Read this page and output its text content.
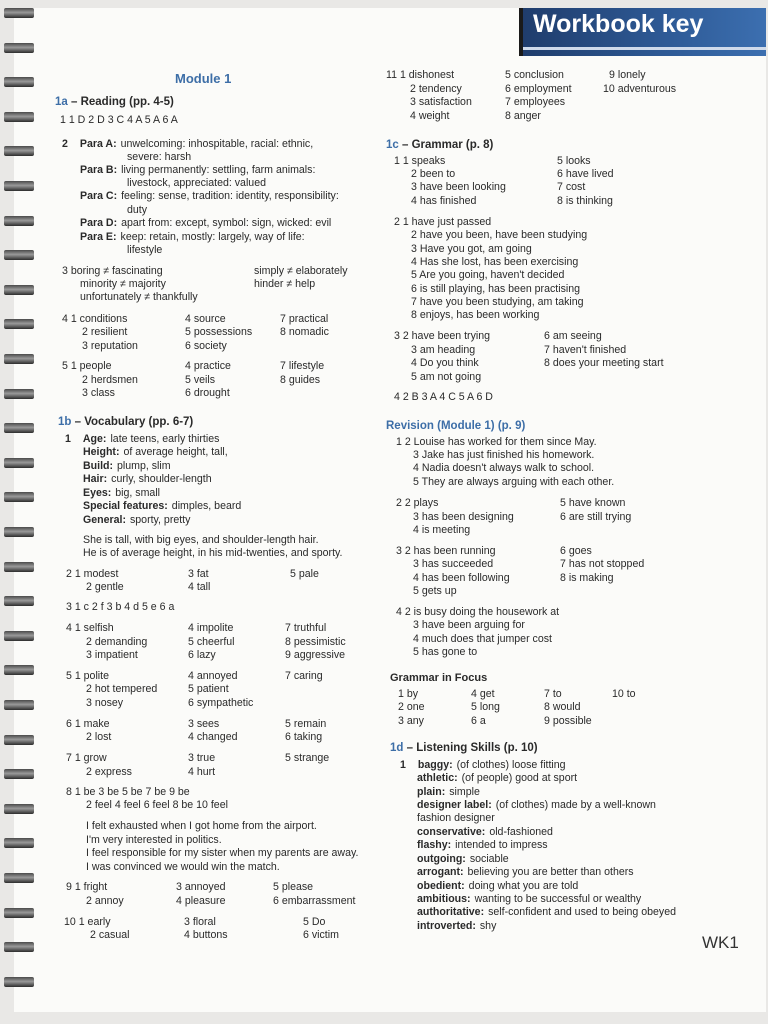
Workbook key
Module 1
1a – Reading (pp. 4-5)
1 1 D 2 D 3 C 4 A 5 A 6 A
2 Para A: unwelcoming: inhospitable, racial: ethnic,
severe: harsh
Para B: living permanently: settling, farm animals:
livestock, appreciated: valued
Para C: feeling: sense, tradition: identity, responsibility:
duty
Para D: apart from: except, symbol: sign, wicked: evil
Para E: keep: retain, mostly: largely, way of life:
lifestyle
3 boring ≠ fascinating	simply ≠ elaborately
minority ≠ majority	hinder ≠ help
unfortunately ≠ thankfully
4 1 conditions	4 source	7 practical
2 resilient	5 possessions	8 nomadic
3 reputation	6 society
5 1 people	4 practice	7 lifestyle
2 herdsmen	5 veils	8 guides
3 class	6 drought
1b – Vocabulary (pp. 6-7)
1 Age: late teens, early thirties
Height: of average height, tall,
Build: plump, slim
Hair: curly, shoulder-length
Eyes: big, small
Special features: dimples, beard
General: sporty, pretty
She is tall, with big eyes, and shoulder-length hair.
He is of average height, in his mid-twenties, and sporty.
2 1 modest	3 fat	5 pale
2 gentle	4 tall
3 1 c 2 f 3 b 4 d 5 e 6 a
4 1 selfish	4 impolite	7 truthful
2 demanding	5 cheerful	8 pessimistic
3 impatient	6 lazy	9 aggressive
5 1 polite	4 annoyed	7 caring
2 hot tempered	5 patient
3 nosey	6 sympathetic
6 1 make	3 sees	5 remain
2 lost	4 changed	6 taking
7 1 grow	3 true	5 strange
2 express	4 hurt
8 1 be 3 be 5 be 7 be 9 be
2 feel 4 feel 6 feel 8 be 10 feel
I felt exhausted when I got home from the airport.
I'm very interested in politics.
I feel responsible for my sister when my parents are away.
I was convinced we would win the match.
9 1 fright	3 annoyed	5 please
2 annoy	4 pleasure	6 embarrassment
10 1 early	3 floral	5 Do
2 casual	4 buttons	6 victim
11 1 dishonest	5 conclusion	9 lonely
2 tendency	6 employment	10 adventurous
3 satisfaction	7 employees
4 weight	8 anger
1c – Grammar (p. 8)
1 1 speaks	5 looks
2 been to	6 have lived
3 have been looking	7 cost
4 has finished	8 is thinking
2 1 have just passed
2 have you been, have been studying
3 Have you got, am going
4 Has she lost, has been exercising
5 Are you going, haven't decided
6 is still playing, has been practising
7 have you been studying, am taking
8 enjoys, has been working
3 2 have been trying	6 am seeing
3 am heading	7 haven't finished
4 Do you think	8 does your meeting start
5 am not going
4 2 B 3 A 4 C 5 A 6 D
Revision (Module 1) (p. 9)
1 2 Louise has worked for them since May.
3 Jake has just finished his homework.
4 Nadia doesn't always walk to school.
5 They are always arguing with each other.
2 2 plays	5 have known
3 has been designing	6 are still trying
4 is meeting
3 2 has been running	6 goes
3 has succeeded	7 has not stopped
4 has been following	8 is making
5 gets up
4 2 is busy doing the housework at
3 have been arguing for
4 much does that jumper cost
5 has gone to
Grammar in Focus
1 by	4 get	7 to	10 to
2 one	5 long	8 would
3 any	6 a	9 possible
1d – Listening Skills (p. 10)
1 baggy: (of clothes) loose fitting
athletic: (of people) good at sport
plain: simple
designer label: (of clothes) made by a well-known
fashion designer
conservative: old-fashioned
flashy: intended to impress
outgoing: sociable
arrogant: believing you are better than others
obedient: doing what you are told
ambitious: wanting to be successful or wealthy
authoritative: self-confident and used to being obeyed
introverted: shy
WK1
